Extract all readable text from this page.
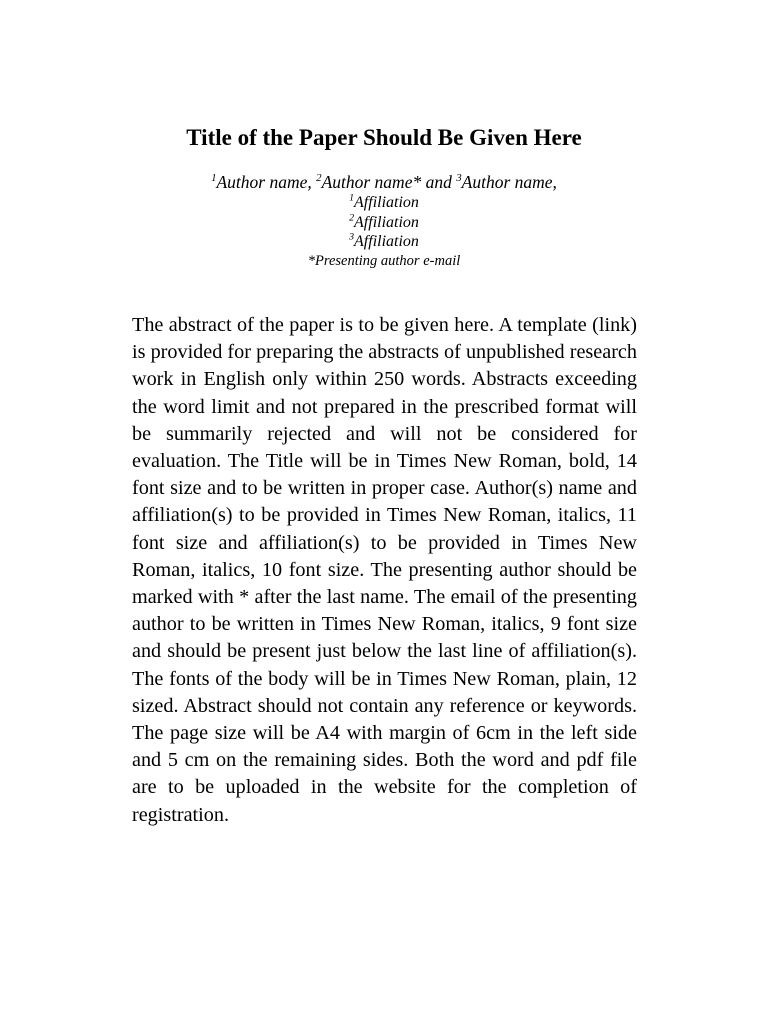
Title of the Paper Should Be Given Here
$^1$Author name, $^2$Author name* and $^3$Author name,
$^1$Affiliation
$^2$Affiliation
$^3$Affiliation
*Presenting author e-mail

The abstract of the paper is to be given here. A template (link) is provided for preparing the abstracts of unpublished research work in English only within 250 words. Abstracts exceeding the word limit and not prepared in the prescribed format will be summarily rejected and will not be considered for evaluation. The Title will be in Times New Roman, bold, 14 font size and to be written in proper case. Author(s) name and affiliation(s) to be provided in Times New Roman, italics, 11 font size and affiliation(s) to be provided in Times New Roman, italics, 10 font size. The presenting author should be marked with * after the last name. The email of the presenting author to be written in Times New Roman, italics, 9 font size and should be present just below the last line of affiliation(s). The fonts of the body will be in Times New Roman, plain, 12 sized. Abstract should not contain any reference or keywords. The page size will be A4 with margin of 6cm in the left side and 5 cm on the remaining sides. Both the word and pdf file are to be uploaded in the website for the completion of registration.
